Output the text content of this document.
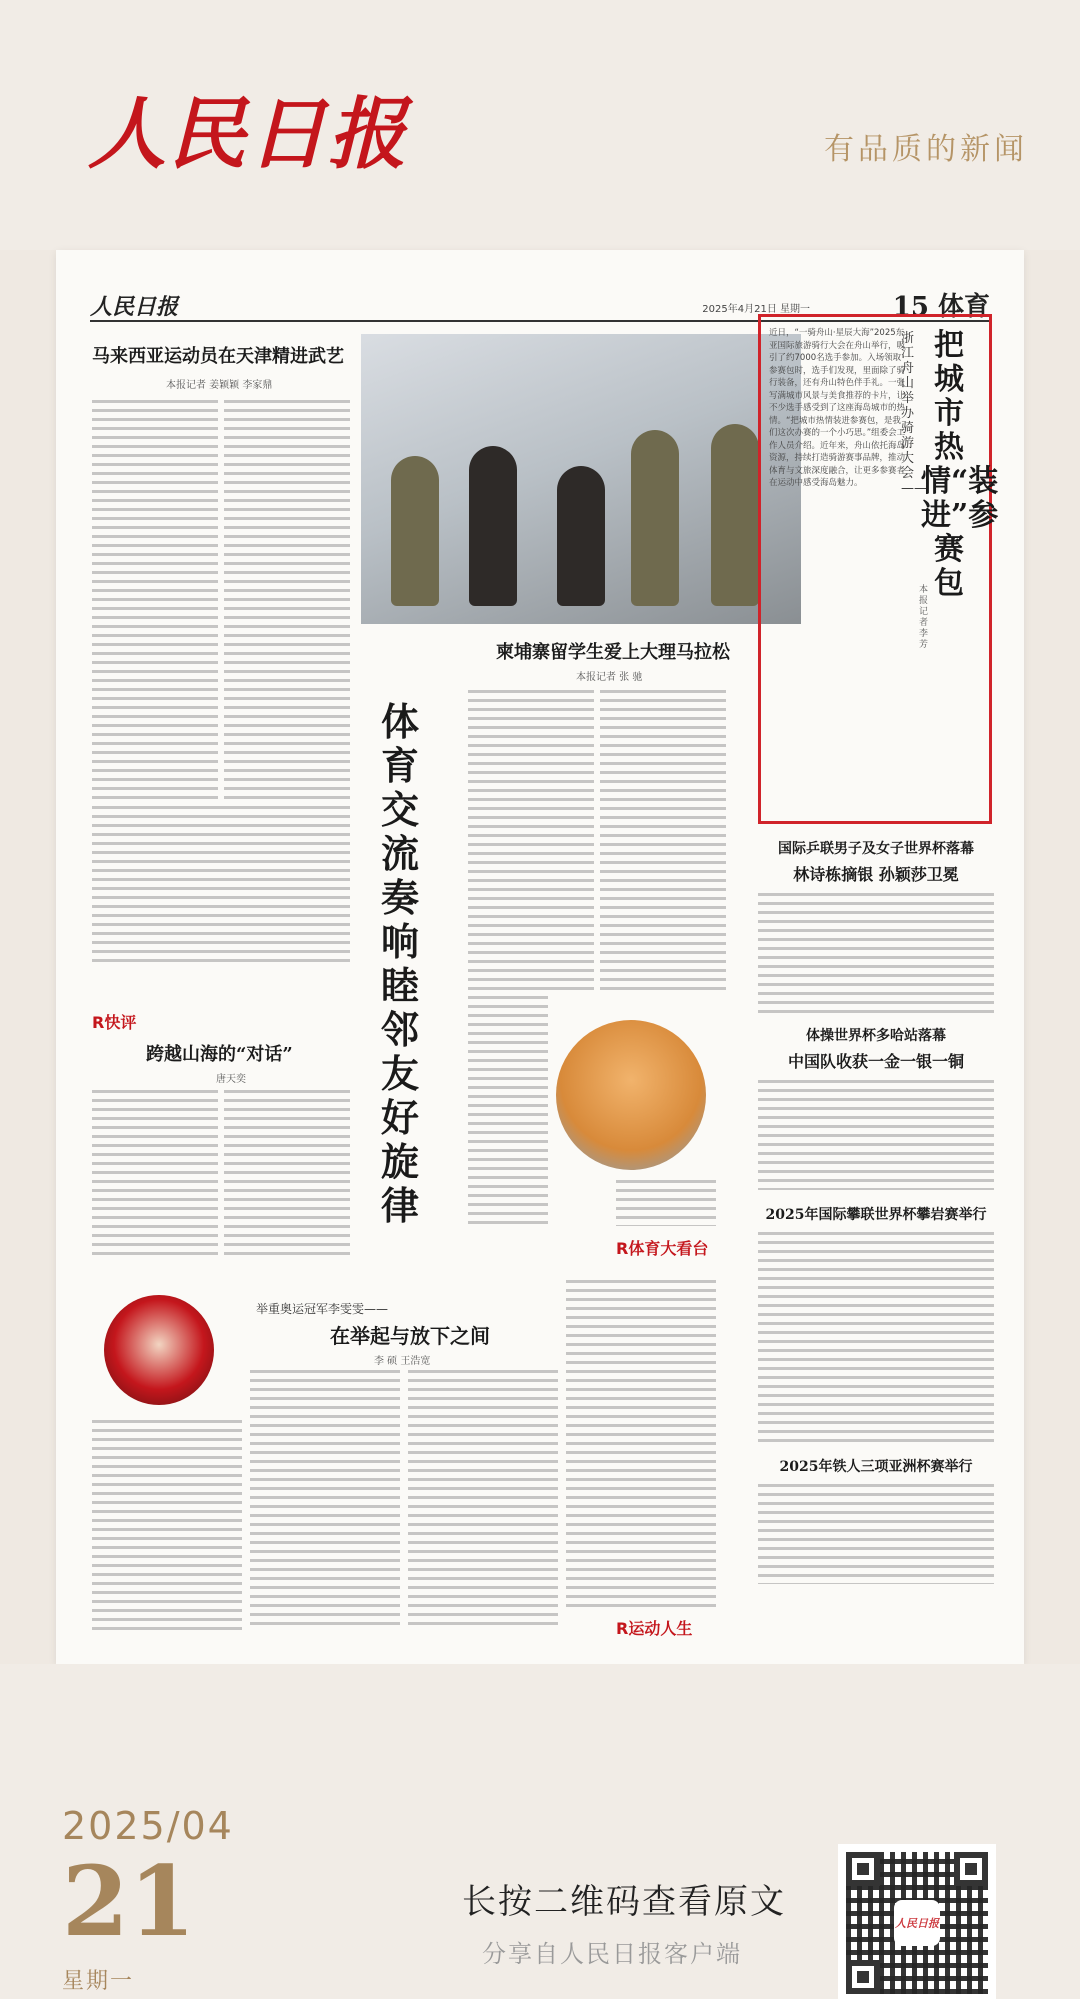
人民日报	有品质的新闻
人民日报	2025年4月21日 星期一	15 体育
马来西亚运动员在天津精进武艺
本报记者 姜颖颖 李家鼎
柬埔寨留学生爱上大理马拉松
本报记者 张 驰
R体育大看台
体育交流奏响睦邻友好旋律
R快评
跨越山海的“对话”
唐天奕
举重奥运冠军李雯雯——
在举起与放下之间
李 硕 王浩宽
R运动人生
浙江舟山举办骑游大会——
把城市热情“装进”参赛包
本报记者 李 芳
近日，“一骑舟山·星辰大海”2025东亚国际旅游骑行大会在舟山举行，吸引了约7000名选手参加。入场领取参赛包时，选手们发现，里面除了骑行装备，还有舟山特色伴手礼。一张写满城市风景与美食推荐的卡片，让不少选手感受到了这座海岛城市的热情。“把城市热情装进参赛包，是我们这次办赛的一个小巧思。”组委会工作人员介绍。近年来，舟山依托海岛资源，持续打造骑游赛事品牌，推动体育与文旅深度融合，让更多参赛者在运动中感受海岛魅力。
国际乒联男子及女子世界杯落幕
林诗栋摘银 孙颖莎卫冕
体操世界杯多哈站落幕
中国队收获一金一银一铜
2025年国际攀联世界杯攀岩赛举行
2025年铁人三项亚洲杯赛举行
2025/04
21
星期一
长按二维码查看原文
分享自人民日报客户端
人民日报
